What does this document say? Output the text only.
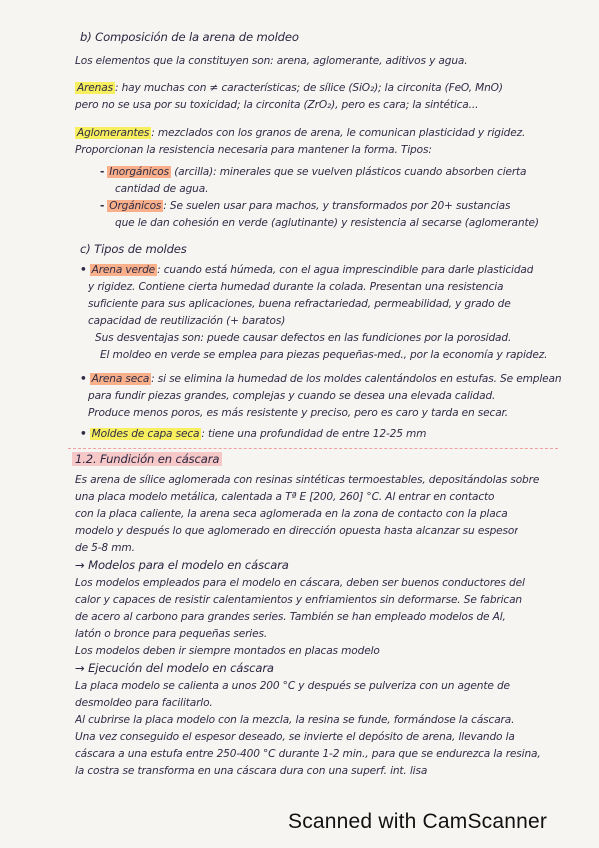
b) Composición de la arena de moldeo
Los elementos que la constituyen son: arena, aglomerante, aditivos y agua.
Arenas : hay muchas con ≠ características; de sílice (SiO₂); la circonita (FeO, MnO)
pero no se usa por su toxicidad; la circonita (ZrO₂), pero es cara; la sintética...
Aglomerantes : mezclados con los granos de arena, le comunican plasticidad y rigidez.
Proporcionan la resistencia necesaria para mantener la forma. Tipos:
- Inorgánicos (arcilla): minerales que se vuelven plásticos cuando absorben cierta
cantidad de agua.
- Orgánicos : Se suelen usar para machos, y transformados por 20+ sustancias
que le dan cohesión en verde (aglutinante) y resistencia al secarse (aglomerante)
c) Tipos de moldes
• Arena verde : cuando está húmeda, con el agua imprescindible para darle plasticidad
y rigidez. Contiene cierta humedad durante la colada. Presentan una resistencia
suficiente para sus aplicaciones, buena refractariedad, permeabilidad, y grado de
capacidad de reutilización (+ baratos)
Sus desventajas son: puede causar defectos en las fundiciones por la porosidad.
El moldeo en verde se emplea para piezas pequeñas-med., por la economía y rapidez.
• Arena seca : si se elimina la humedad de los moldes calentándolos en estufas. Se emplean
para fundir piezas grandes, complejas y cuando se desea una elevada calidad.
Produce menos poros, es más resistente y preciso, pero es caro y tarda en secar.
• Moldes de capa seca : tiene una profundidad de entre 12-25 mm
1.2. Fundición en cáscara
Es arena de sílice aglomerada con resinas sintéticas termoestables, depositándolas sobre
una placa modelo metálica, calentada a Tª E [200, 260] °C. Al entrar en contacto
con la placa caliente, la arena seca aglomerada en la zona de contacto con la placa
modelo y después lo que aglomerado en dirección opuesta hasta alcanzar su espesor
de 5-8 mm.
→ Modelos para el modelo en cáscara
Los modelos empleados para el modelo en cáscara, deben ser buenos conductores del
calor y capaces de resistir calentamientos y enfriamientos sin deformarse. Se fabrican
de acero al carbono para grandes series. También se han empleado modelos de Al,
latón o bronce para pequeñas series.
Los modelos deben ir siempre montados en placas modelo
→ Ejecución del modelo en cáscara
La placa modelo se calienta a unos 200 °C y después se pulveriza con un agente de
desmoldeo para facilitarlo.
Al cubrirse la placa modelo con la mezcla, la resina se funde, formándose la cáscara.
Una vez conseguido el espesor deseado, se invierte el depósito de arena, llevando la
cáscara a una estufa entre 250-400 °C durante 1-2 min., para que se endurezca la resina,
la costra se transforma en una cáscara dura con una superf. int. lisa
Scanned with CamScanner
